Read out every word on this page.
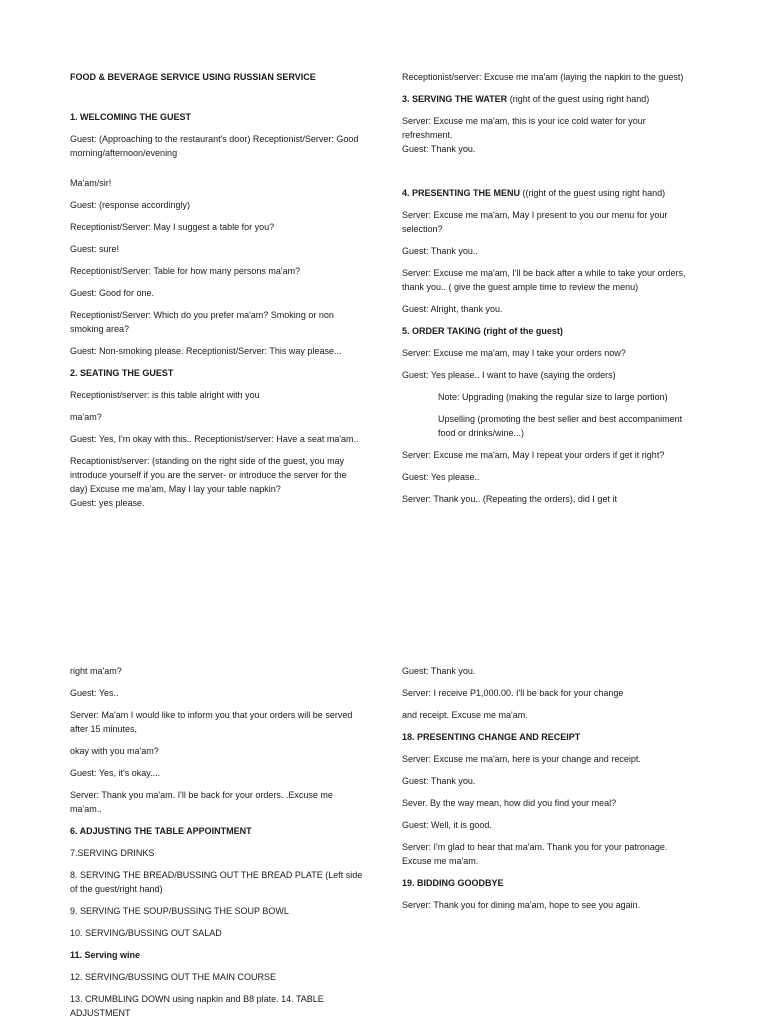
FOOD & BEVERAGE SERVICE USING RUSSIAN SERVICE

1. WELCOMING THE GUEST

Guest: (Approaching to the restaurant's door) Receptionist/Server: Good morning/afternoon/evening

Ma'am/sir!

Guest: (response accordingly)

Receptionist/Server: May I suggest a table for you?

Guest: sure!

Receptionist/Server: Table for how many persons ma'am?

Guest: Good for one.

Receptionist/Server: Which do you prefer ma'am? Smoking or non smoking area?

Guest: Non-smoking please. Receptionist/Server: This way please...

2. SEATING THE GUEST

Receptionist/server: is this table alright with you

ma'am?

Guest: Yes, I'm okay with this.. Receptionist/server: Have a seat ma'am..

Recaptionist/server: (standing on the right side of the guest, you may introduce yourself if you are the server- or introduce the server for the day) Excuse me ma'am, May I lay your table napkin?

Guest: yes please.

Receptionist/server: Excuse me ma'am (laying the napkin to the guest)

3. SERVING THE WATER (right of the guest using right hand)

Server: Excuse me ma'am, this is your ice cold water for your refreshment.

Guest: Thank you.

4. PRESENTING THE MENU ((right of the guest using right hand)

Server: Excuse me ma'am, May I present to you our menu for your selection?

Guest: Thank you..

Server: Excuse me ma'am, I'll be back after a while to take your orders, thank you.. ( give the guest ample time to review the menu)

Guest: Alright, thank you.

5. ORDER TAKING (right of the guest)

Server: Excuse me ma'am, may I take your orders now?

Guest: Yes please.. I want to have (saying the orders)

Note: Upgrading (making the regular size to large portion)

Upselling (promoting the best seller and best accompaniment food or drinks/wine...)

Server: Excuse me ma'am, May I repeat your orders if get it right?

Guest: Yes please..

Server: Thank you.. (Repeating the orders), did I get it

right ma'am?

Guest: Yes..

Server: Ma'am I would like to inform you that your orders will be served after 15 minutes,

okay with you ma'am?

Guest: Yes, it's okay....

Server: Thank you ma'am. I'll be back for your orders. .Excuse me ma'am..

6. ADJUSTING THE TABLE APPOINTMENT

7.SERVING DRINKS

8. SERVING THE BREAD/BUSSING OUT THE BREAD PLATE (Left side of the guest/right hand)

9. SERVING THE SOUP/BUSSING THE SOUP BOWL

10. SERVING/BUSSING OUT SALAD

11. Serving wine

12. SERVING/BUSSING OUT THE MAIN COURSE

13. CRUMBLING DOWN using napkin and B8 plate. 14. TABLE ADJUSTMENT

Guest: Thank you.

Server: I receive P1,000.00. I'll be back for your change

and receipt. Excuse me ma'am.

18. PRESENTING CHANGE AND RECEIPT

Server: Excuse me ma'am, here is your change and receipt.

Guest: Thank you.

Sever. By the way mean, how did you find your meal?

Guest: Well, it is good.

Server: I'm glad to hear that ma'am. Thank you for your patronage. Excuse me ma'am.

19. BIDDING GOODBYE

Server: Thank you for dining ma'am, hope to see you again.
